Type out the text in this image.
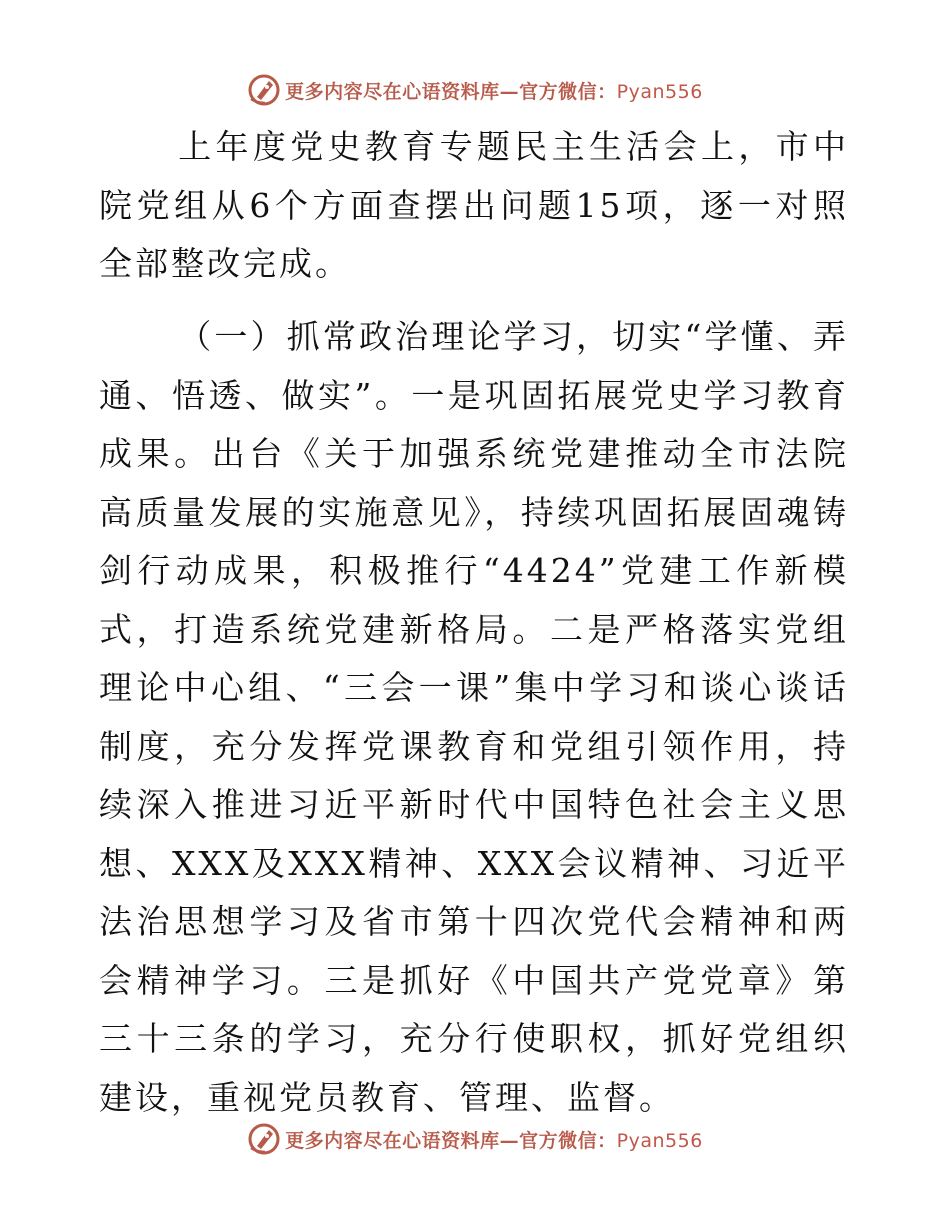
更多内容尽在心语资料库—官方微信：Pyan556

上年度党史教育专题民主生活会上，市中院党组从6个方面查摆出问题15项，逐一对照全部整改完成。

（一）抓常政治理论学习，切实“学懂、弄通、悟透、做实”。一是巩固拓展党史学习教育成果。出台《关于加强系统党建推动全市法院高质量发展的实施意见》，持续巩固拓展固魂铸剑行动成果，积极推行“4424”党建工作新模式，打造系统党建新格局。二是严格落实党组理论中心组、“三会一课”集中学习和谈心谈话制度，充分发挥党课教育和党组引领作用，持续深入推进习近平新时代中国特色社会主义思想、XXX及XXX精神、XXX会议精神、习近平法治思想学习及省市第十四次党代会精神和两会精神学习。三是抓好《中国共产党党章》第三十三条的学习，充分行使职权，抓好党组织建设，重视党员教育、管理、监督。

更多内容尽在心语资料库—官方微信：Pyan556
